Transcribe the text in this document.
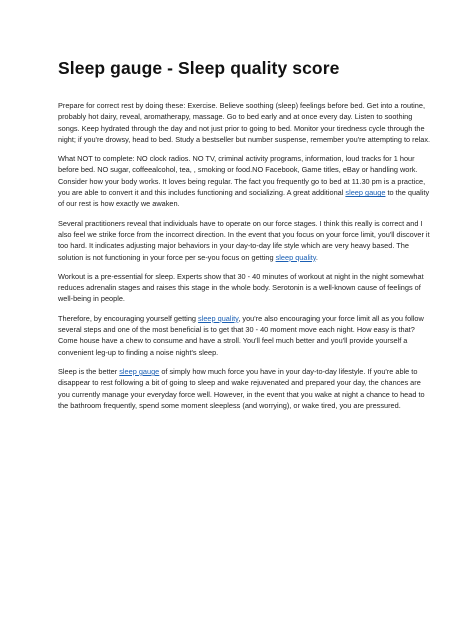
Sleep gauge - Sleep quality score

Prepare for correct rest by doing these: Exercise. Believe soothing (sleep) feelings before bed. Get into a routine, probably hot dairy, reveal, aromatherapy, massage. Go to bed early and at once every day. Listen to soothing songs. Keep hydrated through the day and not just prior to going to bed. Monitor your tiredness cycle through the night; if you're drowsy, head to bed. Study a bestseller but number suspense, remember you're attempting to relax.

What NOT to complete: NO clock radios. NO TV, criminal activity programs, information, loud tracks for 1 hour before bed. NO sugar, coffeealcohol, tea, , smoking or food.NO Facebook, Game titles, eBay or handling work. Consider how your body works. It loves being regular. The fact you frequently go to bed at 11.30 pm is a practice, you are able to convert it and this includes functioning and socializing. A great additional sleep gauge to the quality of our rest is how exactly we awaken.

Several practitioners reveal that individuals have to operate on our force stages. I think this really is correct and I also feel we strike force from the incorrect direction. In the event that you focus on your force limit, you'll discover it too hard. It indicates adjusting major behaviors in your day-to-day life style which are very heavy based. The solution is not functioning in your force per se-you focus on getting sleep quality.

Workout is a pre-essential for sleep. Experts show that 30 - 40 minutes of workout at night in the night somewhat reduces adrenalin stages and raises this stage in the whole body. Serotonin is a well-known cause of feelings of well-being in people.

Therefore, by encouraging yourself getting sleep quality, you're also encouraging your force limit all as you follow several steps and one of the most beneficial is to get that 30 - 40 moment move each night. How easy is that? Come house have a chew to consume and have a stroll. You'll feel much better and you'll provide yourself a convenient leg-up to finding a noise night's sleep.

Sleep is the better sleep gauge of simply how much force you have in your day-to-day lifestyle. If you're able to disappear to rest following a bit of going to sleep and wake rejuvenated and prepared your day, the chances are you currently manage your everyday force well. However, in the event that you wake at night a chance to head to the bathroom frequently, spend some moment sleepless (and worrying), or wake tired, you are pressured.
